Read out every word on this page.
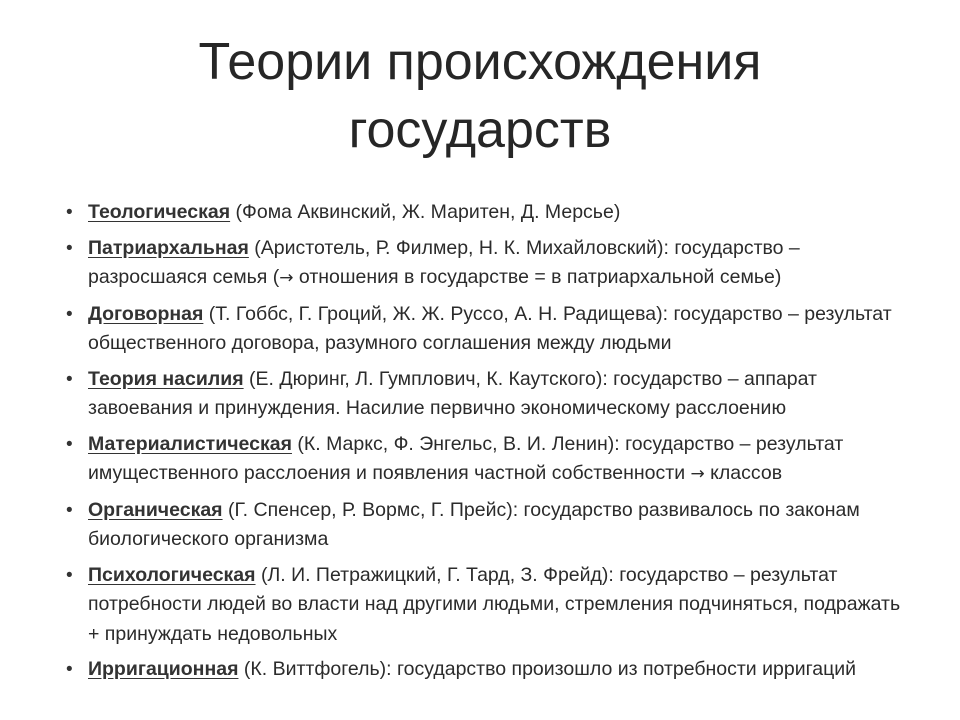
Теории происхождения
государств
• Теологическая (Фома Аквинский, Ж. Маритен, Д. Мерсье)
• Патриархальная (Аристотель, Р. Филмер, Н. К. Михайловский): государство – разросшаяся семья (→ отношения в государстве = в патриархальной семье)
• Договорная (Т. Гоббс, Г. Гроций, Ж. Ж. Руссо, А. Н. Радищева): государство – результат общественного договора, разумного соглашения между людьми
• Теория насилия (Е. Дюринг, Л. Гумплович, К. Каутского): государство – аппарат завоевания и принуждения. Насилие первично экономическому расслоению
• Материалистическая (К. Маркс, Ф. Энгельс, В. И. Ленин): государство – результат имущественного расслоения и появления частной собственности → классов
• Органическая (Г. Спенсер, Р. Вормс, Г. Прейс): государство развивалось по законам биологического организма
• Психологическая (Л. И. Петражицкий, Г. Тард, З. Фрейд): государство – результат потребности людей во власти над другими людьми, стремления подчиняться, подражать + принуждать недовольных
• Ирригационная (К. Виттфогель): государство произошло из потребности ирригаций
